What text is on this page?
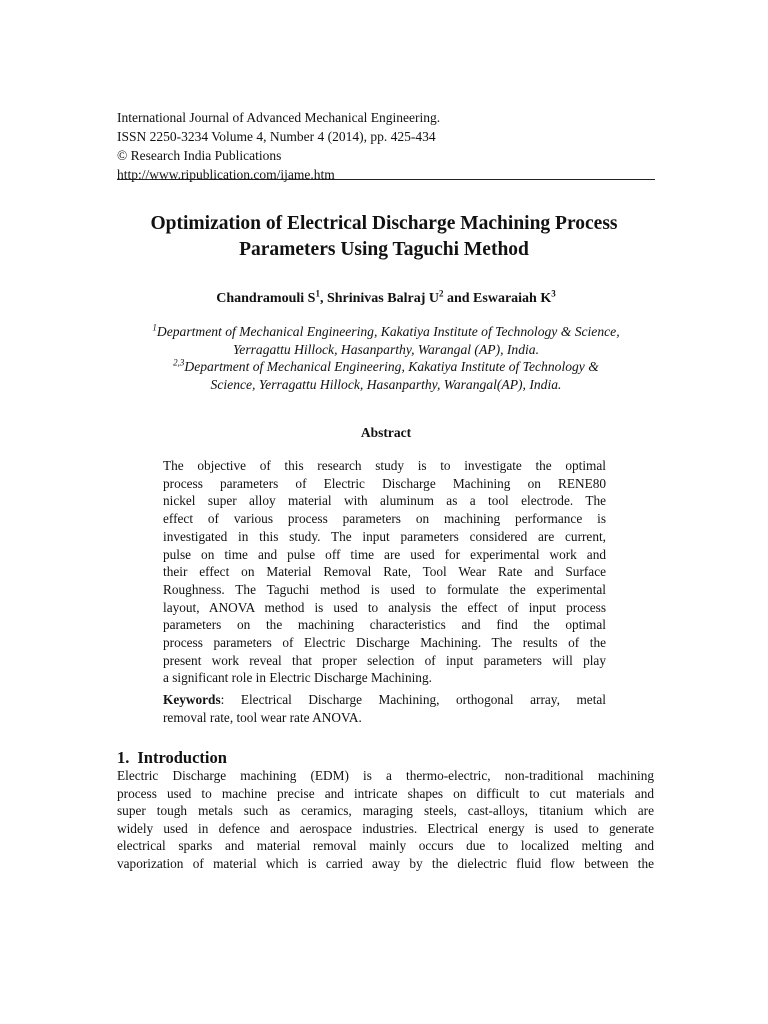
International Journal of Advanced Mechanical Engineering.
ISSN 2250-3234 Volume 4, Number 4 (2014), pp. 425-434
© Research India Publications
http://www.ripublication.com/ijame.htm
Optimization of Electrical Discharge Machining Process
Parameters Using Taguchi Method
Chandramouli $S^1$, Shrinivas Balraj $U^2$ and Eswaraiah $K^3$
$^1$Department of Mechanical Engineering, Kakatiya Institute of Technology & Science,
Yerragattu Hillock, Hasanparthy, Warangal (AP), India.
$^{2,3}$Department of Mechanical Engineering, Kakatiya Institute of Technology &
Science, Yerragattu Hillock, Hasanparthy, Warangal(AP), India.
Abstract
The objective of this research study is to investigate the optimal
process parameters of Electric Discharge Machining on RENE80
nickel super alloy material with aluminum as a tool electrode. The
effect of various process parameters on machining performance is
investigated in this study. The input parameters considered are current,
pulse on time and pulse off time are used for experimental work and
their effect on Material Removal Rate, Tool Wear Rate and Surface
Roughness. The Taguchi method is used to formulate the experimental
layout, ANOVA method is used to analysis the effect of input process
parameters on the machining characteristics and find the optimal
process parameters of Electric Discharge Machining. The results of the
present work reveal that proper selection of input parameters will play
a significant role in Electric Discharge Machining.
Keywords: Electrical Discharge Machining, orthogonal array, metal
removal rate, tool wear rate ANOVA.
1. Introduction
Electric Discharge machining (EDM) is a thermo-electric, non-traditional machining
process used to machine precise and intricate shapes on difficult to cut materials and
super tough metals such as ceramics, maraging steels, cast-alloys, titanium which are
widely used in defence and aerospace industries. Electrical energy is used to generate
electrical sparks and material removal mainly occurs due to localized melting and
vaporization of material which is carried away by the dielectric fluid flow between the
